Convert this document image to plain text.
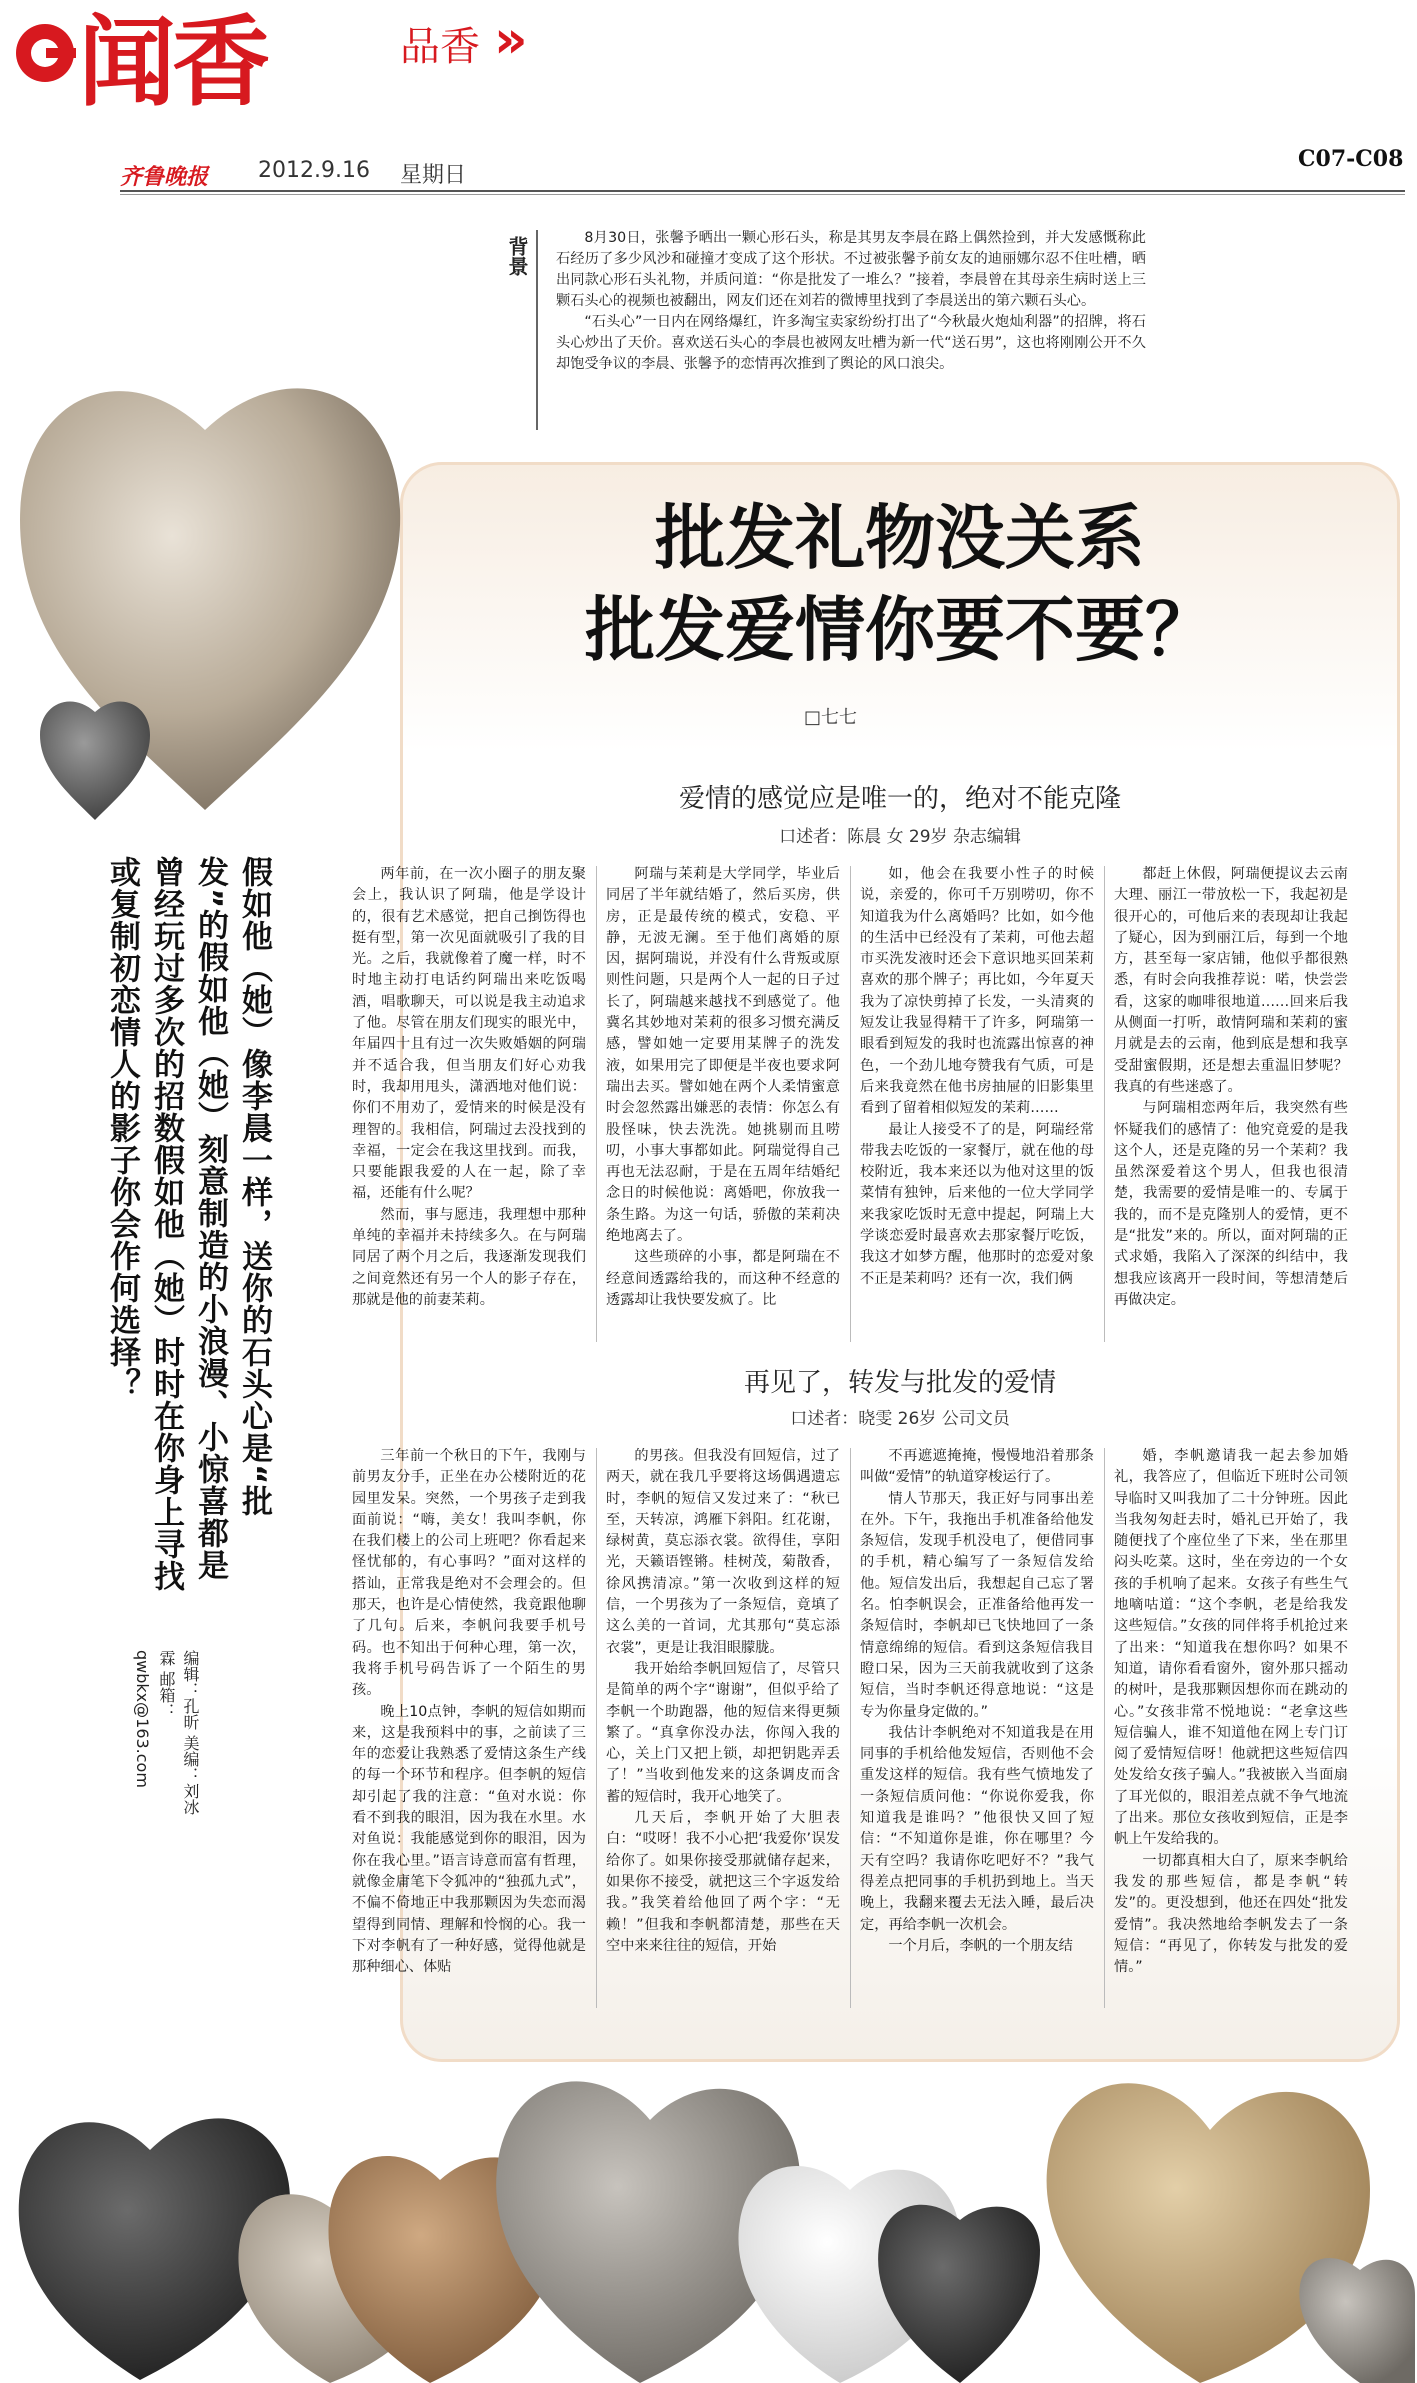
闻香	品香 »
齐鲁晚报 2012.9.16 星期日
C07-C08
背景	8月30日，张馨予晒出一颗心形石头，称是其男友李晨在路上偶然捡到，并大发感慨称此石经历了多少风沙和碰撞才变成了这个形状。不过被张馨予前女友的迪丽娜尔忍不住吐槽，晒出同款心形石头礼物，并质问道：“你是批发了一堆么？”接着，李晨曾在其母亲生病时送上三颗石头心的视频也被翻出，网友们还在刘若的微博里找到了李晨送出的第六颗石头心。

“石头心”一日内在网络爆红，许多淘宝卖家纷纷打出了“今秋最火炮灿利器”的招牌，将石头心炒出了天价。喜欢送石头心的李晨也被网友吐槽为新一代“送石男”，这也将刚刚公开不久却饱受争议的李晨、张馨予的恋情再次推到了舆论的风口浪尖。

批发礼物没关系
批发爱情你要不要？
□七七
爱情的感觉应是唯一的，绝对不能克隆
口述者：陈晨 女 29岁 杂志编辑

两年前，在一次小圈子的朋友聚会上，我认识了阿瑞，他是学设计的，很有艺术感觉，把自己捯饬得也挺有型，第一次见面就吸引了我的目光。之后，我就像着了魔一样，时不时地主动打电话约阿瑞出来吃饭喝酒，唱歌聊天，可以说是我主动追求了他。尽管在朋友们现实的眼光中，年届四十且有过一次失败婚姻的阿瑞并不适合我，但当朋友们好心劝我时，我却用甩头，潇洒地对他们说：你们不用劝了，爱情来的时候是没有理智的。我相信，阿瑞过去没找到的幸福，一定会在我这里找到。而我，只要能跟我爱的人在一起，除了幸福，还能有什么呢？

然而，事与愿违，我理想中那种单纯的幸福并未持续多久。在与阿瑞同居了两个月之后，我逐渐发现我们之间竟然还有另一个人的影子存在，那就是他的前妻苿莉。

阿瑞与苿莉是大学同学，毕业后同居了半年就结婚了，然后买房，供房，正是最传统的模式，安稳、平静，无波无澜。至于他们离婚的原因，据阿瑞说，并没有什么背叛或原则性问题，只是两个人一起的日子过长了，阿瑞越来越找不到感觉了。他冀名其妙地对苿莉的很多习惯充满反感，譬如她一定要用某牌子的洗发液，如果用完了即便是半夜也要求阿瑞出去买。譬如她在两个人柔情蜜意时会忽然露出嫌恶的表情：你怎么有股怪味，快去洗洗。她挑剔而且唠叨，小事大事都如此。阿瑞觉得自己再也无法忍耐，于是在五周年结婚纪念日的时候他说：离婚吧，你放我一条生路。为这一句话，骄傲的苿莉决绝地离去了。

这些琐碎的小事，都是阿瑞在不经意间透露给我的，而这种不经意的透露却让我快要发疯了。比

如，他会在我要小性子的时候说，亲爱的，你可千万别唠叨，你不知道我为什么离婚吗？比如，如今他的生活中已经没有了苿莉，可他去超市买洗发液时还会下意识地买回苿莉喜欢的那个牌子；再比如，今年夏天我为了凉快剪掉了长发，一头清爽的短发让我显得精干了许多，阿瑞第一眼看到短发的我时也流露出惊喜的神色，一个劲儿地夸赞我有气质，可是后来我竟然在他书房抽屉的旧影集里看到了留着相似短发的苿莉……

最让人接受不了的是，阿瑞经常带我去吃饭的一家餐厅，就在他的母校附近，我本来还以为他对这里的饭菜情有独钟，后来他的一位大学同学来我家吃饭时无意中提起，阿瑞上大学谈恋爱时最喜欢去那家餐厅吃饭，我这才如梦方醒，他那时的恋爱对象不正是苿莉吗？还有一次，我们俩

都赶上休假，阿瑞便提议去云南大理、丽江一带放松一下，我起初是很开心的，可他后来的表现却让我起了疑心，因为到丽江后，每到一个地方，甚至每一家店铺，他似乎都很熟悉，有时会向我推荐说：喏，快尝尝看，这家的咖啡很地道……回来后我从侧面一打听，敢情阿瑞和苿莉的蜜月就是去的云南，他到底是想和我享受甜蜜假期，还是想去重温旧梦呢？我真的有些迷惑了。

与阿瑞相恋两年后，我突然有些怀疑我们的感情了：他究竟爱的是我这个人，还是克隆的另一个苿莉？我虽然深爱着这个男人，但我也很清楚，我需要的爱情是唯一的、专属于我的，而不是克隆别人的爱情，更不是“批发”来的。所以，面对阿瑞的正式求婚，我陷入了深深的纠结中，我想我应该离开一段时间，等想清楚后再做决定。

再见了，转发与批发的爱情
口述者：晓雯 26岁 公司文员

三年前一个秋日的下午，我刚与前男友分手，正坐在办公楼附近的花园里发呆。突然，一个男孩子走到我面前说：“嗨，美女！我叫李帆，你在我们楼上的公司上班吧？你看起来怪忧郁的，有心事吗？”面对这样的搭讪，正常我是绝对不会理会的。但那天，也许是心情使然，我竟跟他聊了几句。后来，李帆问我要手机号码。也不知出于何种心理，第一次，我将手机号码告诉了一个陌生的男孩。

晚上10点钟，李帆的短信如期而来，这是我预料中的事，之前读了三年的恋爱让我熟悉了爱情这条生产线的每一个环节和程序。但李帆的短信却引起了我的注意：“鱼对水说：你看不到我的眼泪，因为我在水里。水对鱼说：我能感觉到你的眼泪，因为你在我心里。”语言诗意而富有哲理，就像金庸笔下令狐冲的“独孤九式”，不偏不倚地正中我那颗因为失恋而渴望得到同情、理解和怜悯的心。我一下对李帆有了一种好感，觉得他就是那种细心、体贴

的男孩。但我没有回短信，过了两天，就在我几乎要将这场偶遇遗忘时，李帆的短信又发过来了：“秋已至，天转凉，鸿雁下斜阳。红花谢，绿树黄，莫忘添衣裳。欲得佳，享阳光，天籁语铿锵。桂树茂，菊散香，徐风携清凉。”第一次收到这样的短信，一个男孩为了一条短信，竟填了这么美的一首词，尤其那句“莫忘添衣裳”，更是让我泪眼朦胧。

我开始给李帆回短信了，尽管只是简单的两个字“谢谢”，但似乎给了李帆一个助跑器，他的短信来得更频繁了。“真拿你没办法，你闯入我的心，关上门又把上锁，却把钥匙弄丢了！”当收到他发来的这条调皮而含蓄的短信时，我开心地笑了。

几天后，李帆开始了大胆表白：“哎呀！我不小心把‘我爱你’误发给你了。如果你接受那就储存起来，如果你不接受，就把这三个字返发给我。”我笑着给他回了两个字：“无赖！”但我和李帆都清楚，那些在天空中来来往往的短信，开始

不再遮遮掩掩，慢慢地沿着那条叫做“爱情”的轨道穿梭运行了。

情人节那天，我正好与同事出差在外。下午，我拖出手机准备给他发条短信，发现手机没电了，便借同事的手机，精心编写了一条短信发给他。短信发出后，我想起自己忘了署名。怕李帆误会，正准备给他再发一条短信时，李帆却已飞快地回了一条情意绵绵的短信。看到这条短信我目瞪口呆，因为三天前我就收到了这条短信，当时李帆还得意地说：“这是专为你量身定做的。”

我估计李帆绝对不知道我是在用同事的手机给他发短信，否则他不会重发这样的短信。我有些气愤地发了一条短信质问他：“你说你爱我，你知道我是谁吗？”他很快又回了短信：“不知道你是谁，你在哪里？今天有空吗？我请你吃吧好不？”我气得差点把同事的手机扔到地上。当天晚上，我翻来覆去无法入睡，最后决定，再给李帆一次机会。

一个月后，李帆的一个朋友结

婚，李帆邀请我一起去参加婚礼，我答应了，但临近下班时公司领导临时又叫我加了二十分钟班。因此当我匆匆赶去时，婚礼已开始了，我随便找了个座位坐了下来，坐在那里闷头吃菜。这时，坐在旁边的一个女孩的手机响了起来。女孩子有些生气地嘀咕道：“这个李帆，老是给我发这些短信。”女孩的同伴将手机抢过来了出来：“知道我在想你吗？如果不知道，请你看看窗外，窗外那只摇动的树叶，是我那颗因想你而在跳动的心。”女孩非常不悦地说：“老拿这些短信骗人，谁不知道他在网上专门订阅了爱情短信呀！他就把这些短信四处发给女孩子骗人。”我被嵌入当面扇了耳光似的，眼泪差点就不争气地流了出来。那位女孩收到短信，正是李帆上午发给我的。

一切都真相大白了，原来李帆给我发的那些短信，都是李帆“转发”的。更没想到，他还在四处“批发爱情”。我决然地给李帆发去了一条短信：“再见了，你转发与批发的爱情。”

假如他（她）像李晨一样，送你的石头心是“批发”的假如他（她）刻意制造的小浪漫、小惊喜都是曾经玩过多次的招数假如他（她）时时在你身上寻找或复制初恋情人的影子你会作何选择？
编辑：孔昕 美编：刘冰霖 邮箱：qwbkx@163.com
